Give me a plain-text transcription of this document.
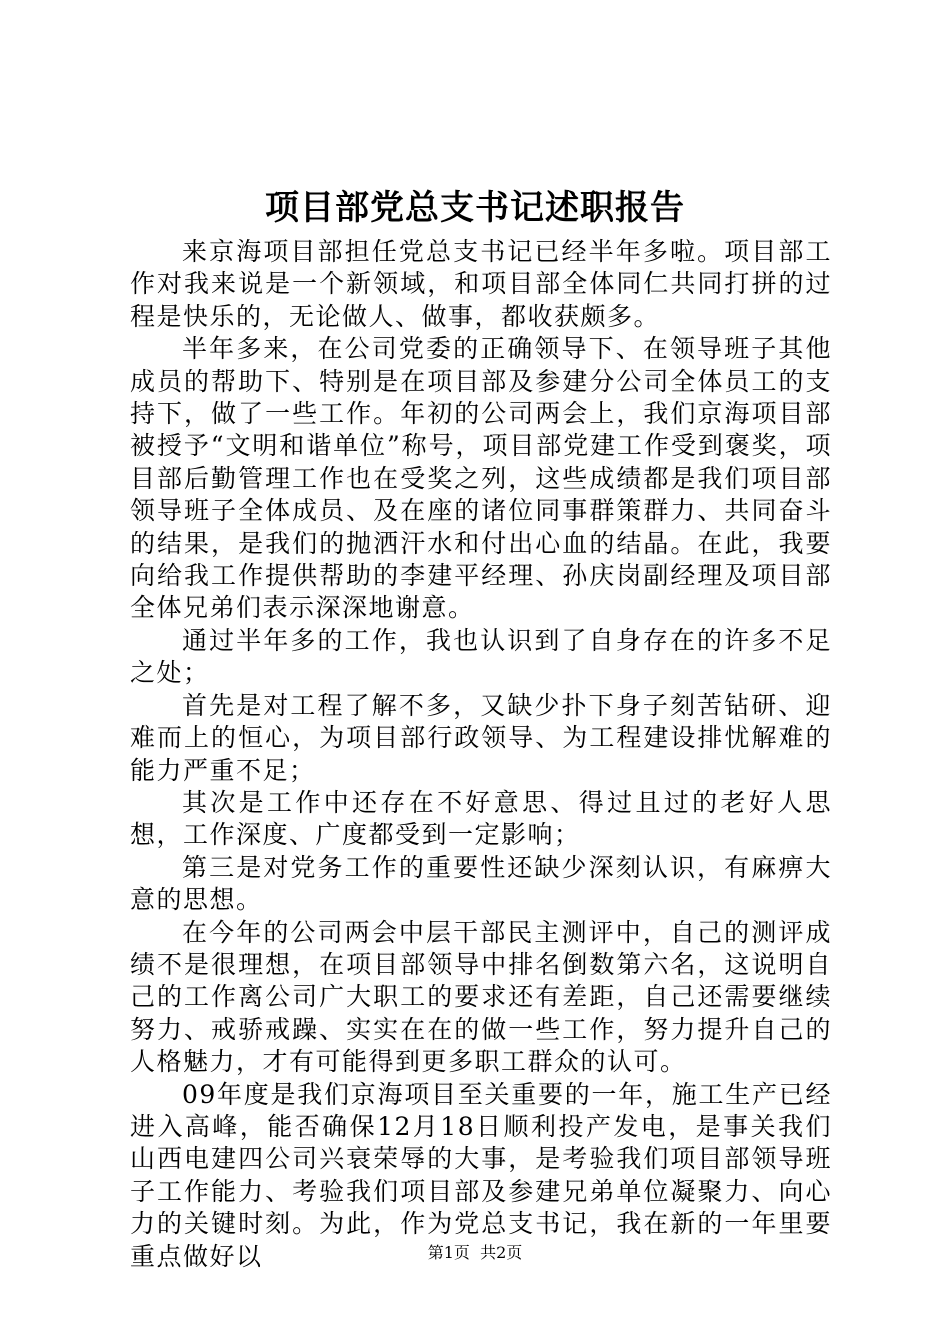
项目部党总支书记述职报告

来京海项目部担任党总支书记已经半年多啦。项目部工作对我来说是一个新领域，和项目部全体同仁共同打拼的过程是快乐的，无论做人、做事，都收获颇多。

半年多来，在公司党委的正确领导下、在领导班子其他成员的帮助下、特别是在项目部及参建分公司全体员工的支持下，做了一些工作。年初的公司两会上，我们京海项目部被授予“文明和谐单位”称号，项目部党建工作受到褒奖，项目部后勤管理工作也在受奖之列，这些成绩都是我们项目部领导班子全体成员、及在座的诸位同事群策群力、共同奋斗的结果，是我们的抛洒汗水和付出心血的结晶。在此，我要向给我工作提供帮助的李建平经理、孙庆岗副经理及项目部全体兄弟们表示深深地谢意。

通过半年多的工作，我也认识到了自身存在的许多不足之处；

首先是对工程了解不多，又缺少扑下身子刻苦钻研、迎难而上的恒心，为项目部行政领导、为工程建设排忧解难的能力严重不足；

其次是工作中还存在不好意思、得过且过的老好人思想，工作深度、广度都受到一定影响；

第三是对党务工作的重要性还缺少深刻认识，有麻痹大意的思想。

在今年的公司两会中层干部民主测评中，自己的测评成绩不是很理想，在项目部领导中排名倒数第六名，这说明自己的工作离公司广大职工的要求还有差距，自己还需要继续努力、戒骄戒躁、实实在在的做一些工作，努力提升自己的人格魅力，才有可能得到更多职工群众的认可。

09年度是我们京海项目至关重要的一年，施工生产已经进入高峰，能否确保12月18日顺利投产发电，是事关我们山西电建四公司兴衰荣辱的大事，是考验我们项目部领导班子工作能力、考验我们项目部及参建兄弟单位凝聚力、向心力的关键时刻。为此，作为党总支书记，我在新的一年里要重点做好以	第1页 共2页
